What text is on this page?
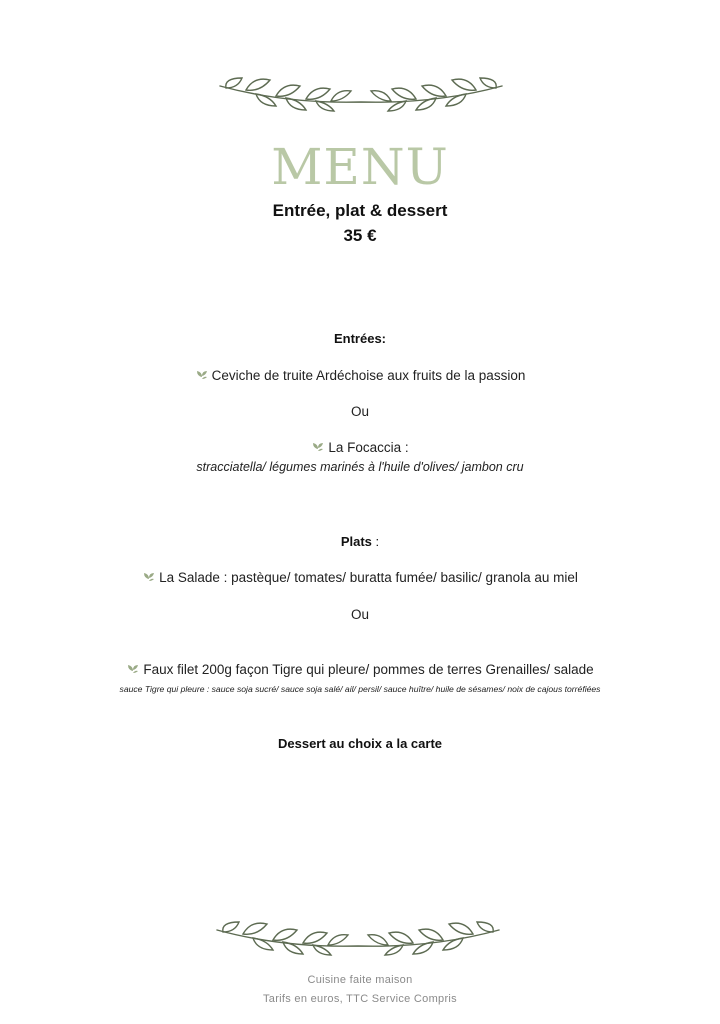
MENU
Entrée, plat & dessert
35 €
Entrées:
Ceviche de truite Ardéchoise aux fruits de la passion
Ou
La Focaccia :
stracciatella/ légumes marinés à l'huile d'olives/ jambon cru
Plats :
La Salade : pastèque/ tomates/ buratta fumée/ basilic/ granola au miel
Ou
Faux filet 200g façon Tigre qui pleure/ pommes de terres Grenailles/ salade
sauce Tigre qui pleure : sauce soja sucré/ sauce soja salé/ ail/ persil/ sauce huître/ huile de sésames/ noix de cajous torréfiées
Dessert au choix a la carte
Cuisine faite maison
Tarifs en euros, TTC Service Compris
